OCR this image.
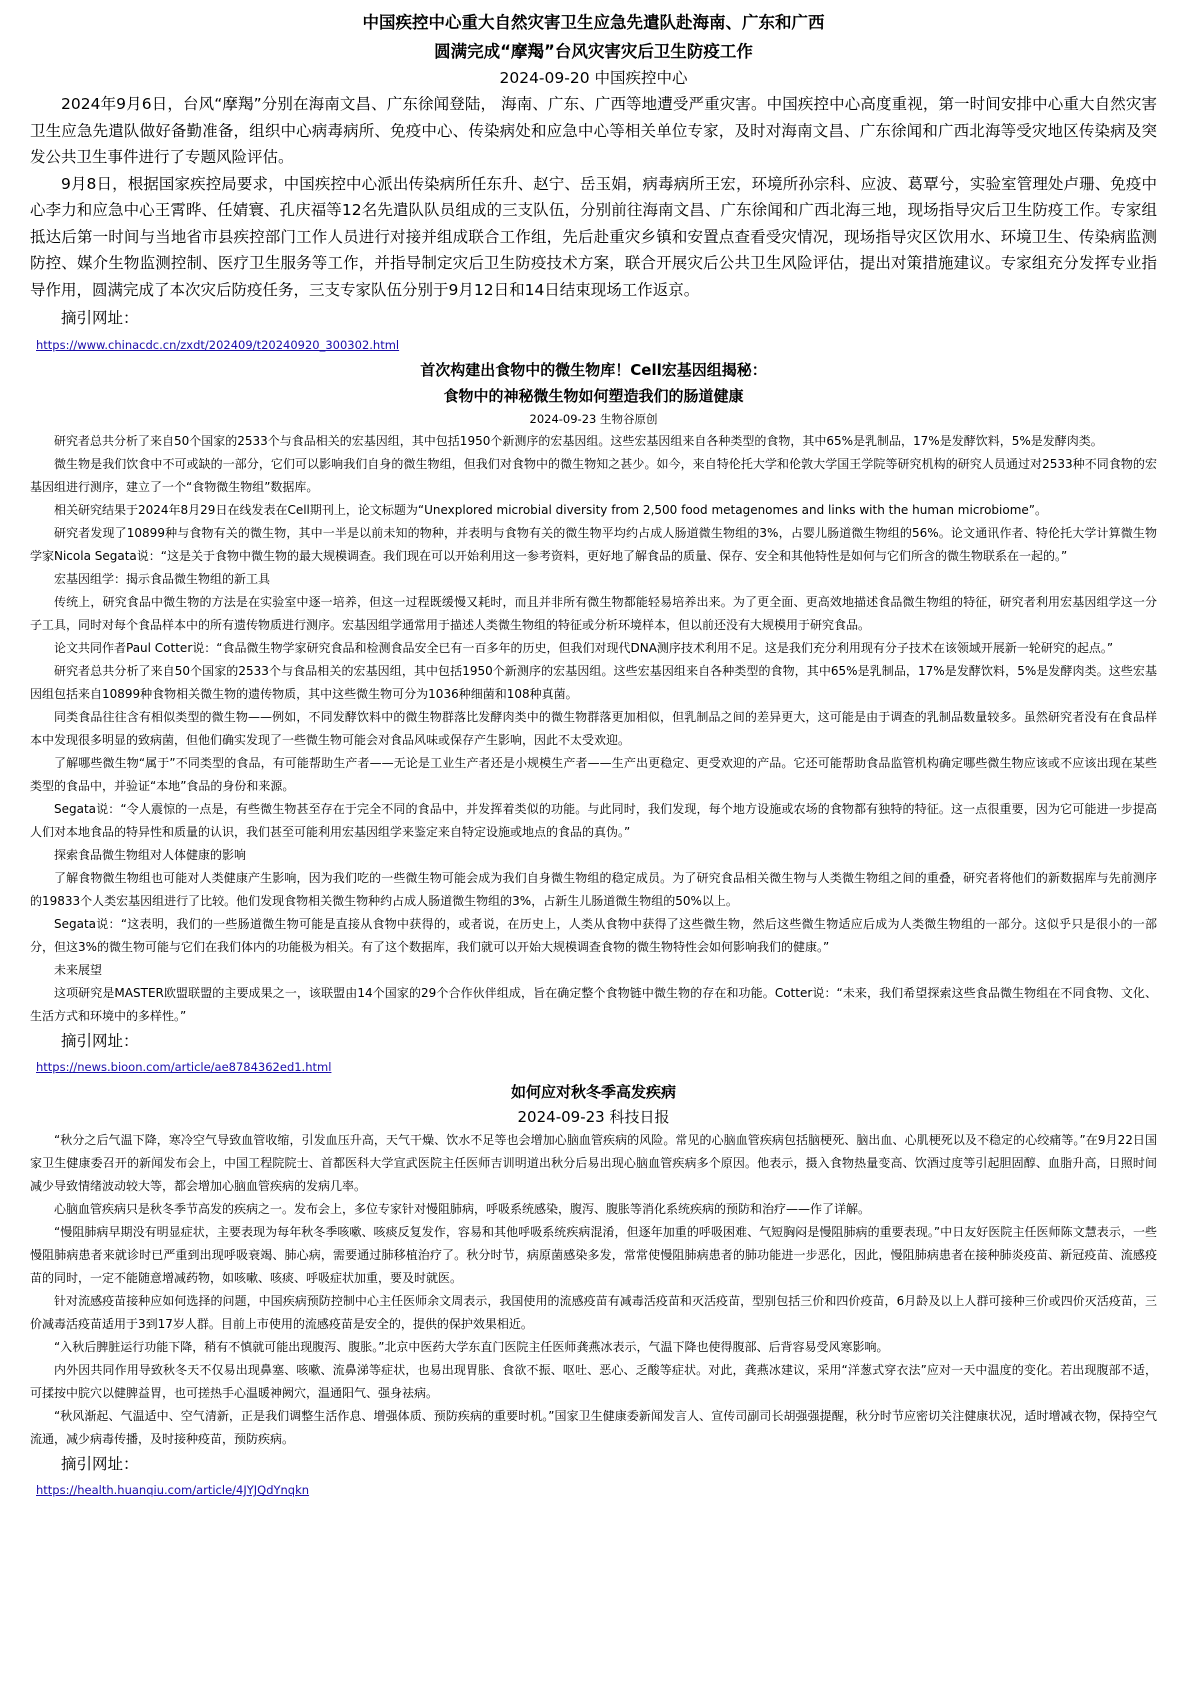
中国疾控中心重大自然灾害卫生应急先遣队赴海南、广东和广西
圆满完成“摩羯”台风灾害灾后卫生防疫工作
2024-09-20 中国疾控中心

2024年9月6日，台风“摩羯”分别在海南文昌、广东徐闻登陆， 海南、广东、广西等地遭受严重灾害。中国疾控中心高度重视，第一时间安排中心重大自然灾害卫生应急先遣队做好备勤准备，组织中心病毒病所、免疫中心、传染病处和应急中心等相关单位专家，及时对海南文昌、广东徐闻和广西北海等受灾地区传染病及突发公共卫生事件进行了专题风险评估。

9月8日，根据国家疾控局要求，中国疾控中心派出传染病所任东升、赵宁、岳玉娟，病毒病所王宏，环境所孙宗科、应波、葛覃兮，实验室管理处卢珊、免疫中心李力和应急中心王霄晔、任婧寰、孔庆福等12名先遣队队员组成的三支队伍，分别前往海南文昌、广东徐闻和广西北海三地，现场指导灾后卫生防疫工作。专家组抵达后第一时间与当地省市县疾控部门工作人员进行对接并组成联合工作组，先后赴重灾乡镇和安置点查看受灾情况，现场指导灾区饮用水、环境卫生、传染病监测防控、媒介生物监测控制、医疗卫生服务等工作，并指导制定灾后卫生防疫技术方案，联合开展灾后公共卫生风险评估，提出对策措施建议。专家组充分发挥专业指导作用，圆满完成了本次灾后防疫任务，三支专家队伍分别于9月12日和14日结束现场工作返京。

摘引网址：
https://www.chinacdc.cn/zxdt/202409/t20240920_300302.html
首次构建出食物中的微生物库！Cell宏基因组揭秘：
食物中的神秘微生物如何塑造我们的肠道健康
2024-09-23 生物谷原创

研究者总共分析了来自50个国家的2533个与食品相关的宏基因组，其中包括1950个新测序的宏基因组。这些宏基因组来自各种类型的食物，其中65%是乳制品，17%是发酵饮料，5%是发酵肉类。

微生物是我们饮食中不可或缺的一部分，它们可以影响我们自身的微生物组，但我们对食物中的微生物知之甚少。如今，来自特伦托大学和伦敦大学国王学院等研究机构的研究人员通过对2533种不同食物的宏基因组进行测序，建立了一个“食物微生物组”数据库。

相关研究结果于2024年8月29日在线发表在Cell期刊上，论文标题为“Unexplored microbial diversity from 2,500 food metagenomes and links with the human microbiome”。

研究者发现了10899种与食物有关的微生物，其中一半是以前未知的物种，并表明与食物有关的微生物平均约占成人肠道微生物组的3%，占婴儿肠道微生物组的56%。论文通讯作者、特伦托大学计算微生物学家Nicola Segata说：“这是关于食物中微生物的最大规模调查。我们现在可以开始利用这一参考资料，更好地了解食品的质量、保存、安全和其他特性是如何与它们所含的微生物联系在一起的。”

宏基因组学：揭示食品微生物组的新工具

传统上，研究食品中微生物的方法是在实验室中逐一培养，但这一过程既缓慢又耗时，而且并非所有微生物都能轻易培养出来。为了更全面、更高效地描述食品微生物组的特征，研究者利用宏基因组学这一分子工具，同时对每个食品样本中的所有遗传物质进行测序。宏基因组学通常用于描述人类微生物组的特征或分析环境样本，但以前还没有大规模用于研究食品。

论文共同作者Paul Cotter说：“食品微生物学家研究食品和检测食品安全已有一百多年的历史，但我们对现代DNA测序技术利用不足。这是我们充分利用现有分子技术在该领域开展新一轮研究的起点。”

研究者总共分析了来自50个国家的2533个与食品相关的宏基因组，其中包括1950个新测序的宏基因组。这些宏基因组来自各种类型的食物，其中65%是乳制品，17%是发酵饮料，5%是发酵肉类。这些宏基因组包括来自10899种食物相关微生物的遗传物质，其中这些微生物可分为1036种细菌和108种真菌。

同类食品往往含有相似类型的微生物——例如，不同发酵饮料中的微生物群落比发酵肉类中的微生物群落更加相似，但乳制品之间的差异更大，这可能是由于调查的乳制品数量较多。虽然研究者没有在食品样本中发现很多明显的致病菌，但他们确实发现了一些微生物可能会对食品风味或保存产生影响，因此不太受欢迎。

了解哪些微生物“属于”不同类型的食品，有可能帮助生产者——无论是工业生产者还是小规模生产者——生产出更稳定、更受欢迎的产品。它还可能帮助食品监管机构确定哪些微生物应该或不应该出现在某些类型的食品中，并验证“本地”食品的身份和来源。

Segata说：“令人震惊的一点是，有些微生物甚至存在于完全不同的食品中，并发挥着类似的功能。与此同时，我们发现，每个地方设施或农场的食物都有独特的特征。这一点很重要，因为它可能进一步提高人们对本地食品的特异性和质量的认识，我们甚至可能利用宏基因组学来鉴定来自特定设施或地点的食品的真伪。”

探索食品微生物组对人体健康的影响

了解食物微生物组也可能对人类健康产生影响，因为我们吃的一些微生物可能会成为我们自身微生物组的稳定成员。为了研究食品相关微生物与人类微生物组之间的重叠，研究者将他们的新数据库与先前测序的19833个人类宏基因组进行了比较。他们发现食物相关微生物种约占成人肠道微生物组的3%，占新生儿肠道微生物组的50%以上。

Segata说：“这表明，我们的一些肠道微生物可能是直接从食物中获得的，或者说，在历史上，人类从食物中获得了这些微生物，然后这些微生物适应后成为人类微生物组的一部分。这似乎只是很小的一部分，但这3%的微生物可能与它们在我们体内的功能极为相关。有了这个数据库，我们就可以开始大规模调查食物的微生物特性会如何影响我们的健康。”

未来展望

这项研究是MASTER欧盟联盟的主要成果之一，该联盟由14个国家的29个合作伙伴组成，旨在确定整个食物链中微生物的存在和功能。Cotter说：“未来，我们希望探索这些食品微生物组在不同食物、文化、生活方式和环境中的多样性。”

摘引网址：
https://news.bioon.com/article/ae8784362ed1.html
如何应对秋冬季高发疾病
2024-09-23 科技日报

“秋分之后气温下降，寒冷空气导致血管收缩，引发血压升高，天气干燥、饮水不足等也会增加心脑血管疾病的风险。常见的心脑血管疾病包括脑梗死、脑出血、心肌梗死以及不稳定的心绞痛等。”在9月22日国家卫生健康委召开的新闻发布会上，中国工程院院士、首都医科大学宣武医院主任医师吉训明道出秋分后易出现心脑血管疾病多个原因。他表示，摄入食物热量变高、饮酒过度等引起胆固醇、血脂升高，日照时间减少导致情绪波动较大等，都会增加心脑血管疾病的发病几率。

心脑血管疾病只是秋冬季节高发的疾病之一。发布会上，多位专家针对慢阻肺病，呼吸系统感染，腹泻、腹胀等消化系统疾病的预防和治疗——作了详解。

“慢阻肺病早期没有明显症状，主要表现为每年秋冬季咳嗽、咳痰反复发作，容易和其他呼吸系统疾病混淆，但逐年加重的呼吸困难、气短胸闷是慢阻肺病的重要表现。”中日友好医院主任医师陈文慧表示，一些慢阻肺病患者来就诊时已严重到出现呼吸衰竭、肺心病，需要通过肺移植治疗了。秋分时节，病原菌感染多发，常常使慢阻肺病患者的肺功能进一步恶化，因此，慢阻肺病患者在接种肺炎疫苗、新冠疫苗、流感疫苗的同时，一定不能随意增减药物，如咳嗽、咳痰、呼吸症状加重，要及时就医。

针对流感疫苗接种应如何选择的问题，中国疾病预防控制中心主任医师余文周表示，我国使用的流感疫苗有减毒活疫苗和灭活疫苗，型别包括三价和四价疫苗，6月龄及以上人群可接种三价或四价灭活疫苗，三价减毒活疫苗适用于3到17岁人群。目前上市使用的流感疫苗是安全的，提供的保护效果相近。

“入秋后脾脏运行功能下降，稍有不慎就可能出现腹泻、腹胀。”北京中医药大学东直门医院主任医师龚燕冰表示，气温下降也使得腹部、后背容易受风寒影响。

内外因共同作用导致秋冬天不仅易出现鼻塞、咳嗽、流鼻涕等症状，也易出现胃胀、食欲不振、呕吐、恶心、乏酸等症状。对此，龚燕冰建议，采用“洋葱式穿衣法”应对一天中温度的变化。若出现腹部不适，可揉按中脘穴以健脾益胃，也可搓热手心温暖神阙穴，温通阳气、强身祛病。

“秋风渐起、气温适中、空气清新，正是我们调整生活作息、增强体质、预防疾病的重要时机。”国家卫生健康委新闻发言人、宣传司副司长胡强强提醒，秋分时节应密切关注健康状况，适时增减衣物，保持空气流通，减少病毒传播，及时接种疫苗，预防疾病。

摘引网址：
https://health.huanqiu.com/article/4JYJQdYnqkn
